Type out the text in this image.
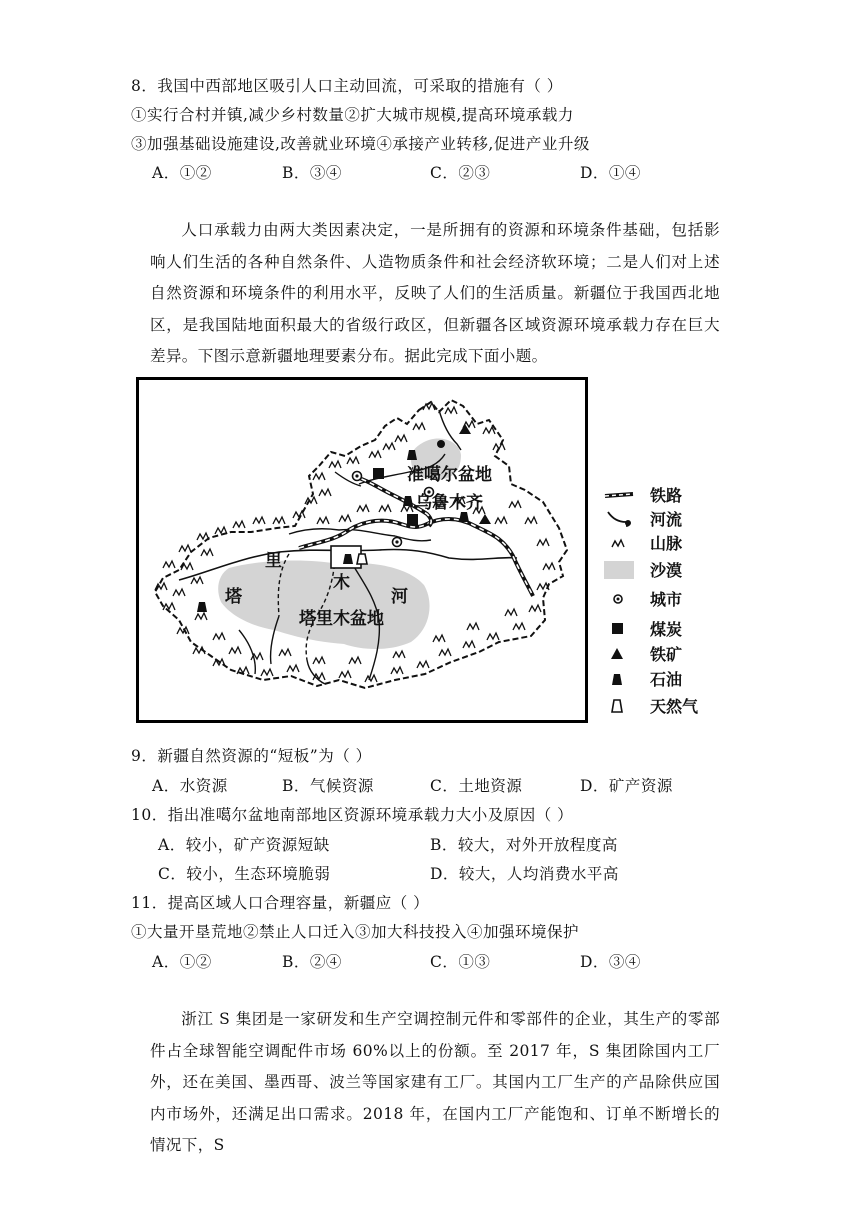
8．我国中西部地区吸引人口主动回流，可采取的措施有（ ）
①实行合村并镇,减少乡村数量②扩大城市规模,提高环境承载力
③加强基础设施建设,改善就业环境④承接产业转移,促进产业升级
A．①②	B．③④	C．②③	D．①④
人口承载力由两大类因素决定，一是所拥有的资源和环境条件基础，包括影响人们生活的各种自然条件、人造物质条件和社会经济软环境；二是人们对上述自然资源和环境条件的利用水平，反映了人们的生活质量。新疆位于我国西北地区，是我国陆地面积最大的省级行政区，但新疆各区域资源环境承载力存在巨大差异。下图示意新疆地理要素分布。据此完成下面小题。
准噶尔盆地
乌鲁木齐
塔
里
木
河
塔里木盆地
铁路
河流
山脉
沙漠
城市
煤炭
铁矿
石油
天然气
9．新疆自然资源的“短板”为（ ）
A．水资源	B．气候资源	C．土地资源	D．矿产资源
10．指出准噶尔盆地南部地区资源环境承载力大小及原因（ ）
A．较小，矿产资源短缺	B．较大，对外开放程度高
C．较小，生态环境脆弱	D．较大，人均消费水平高
11．提高区域人口合理容量，新疆应（ ）
①大量开垦荒地②禁止人口迁入③加大科技投入④加强环境保护
A．①②	B．②④	C．①③	D．③④
浙江 S 集团是一家研发和生产空调控制元件和零部件的企业，其生产的零部件占全球智能空调配件市场 60%以上的份额。至 2017 年，S 集团除国内工厂外，还在美国、墨西哥、波兰等国家建有工厂。其国内工厂生产的产品除供应国内市场外，还满足出口需求。2018 年，在国内工厂产能饱和、订单不断增长的情况下，S
